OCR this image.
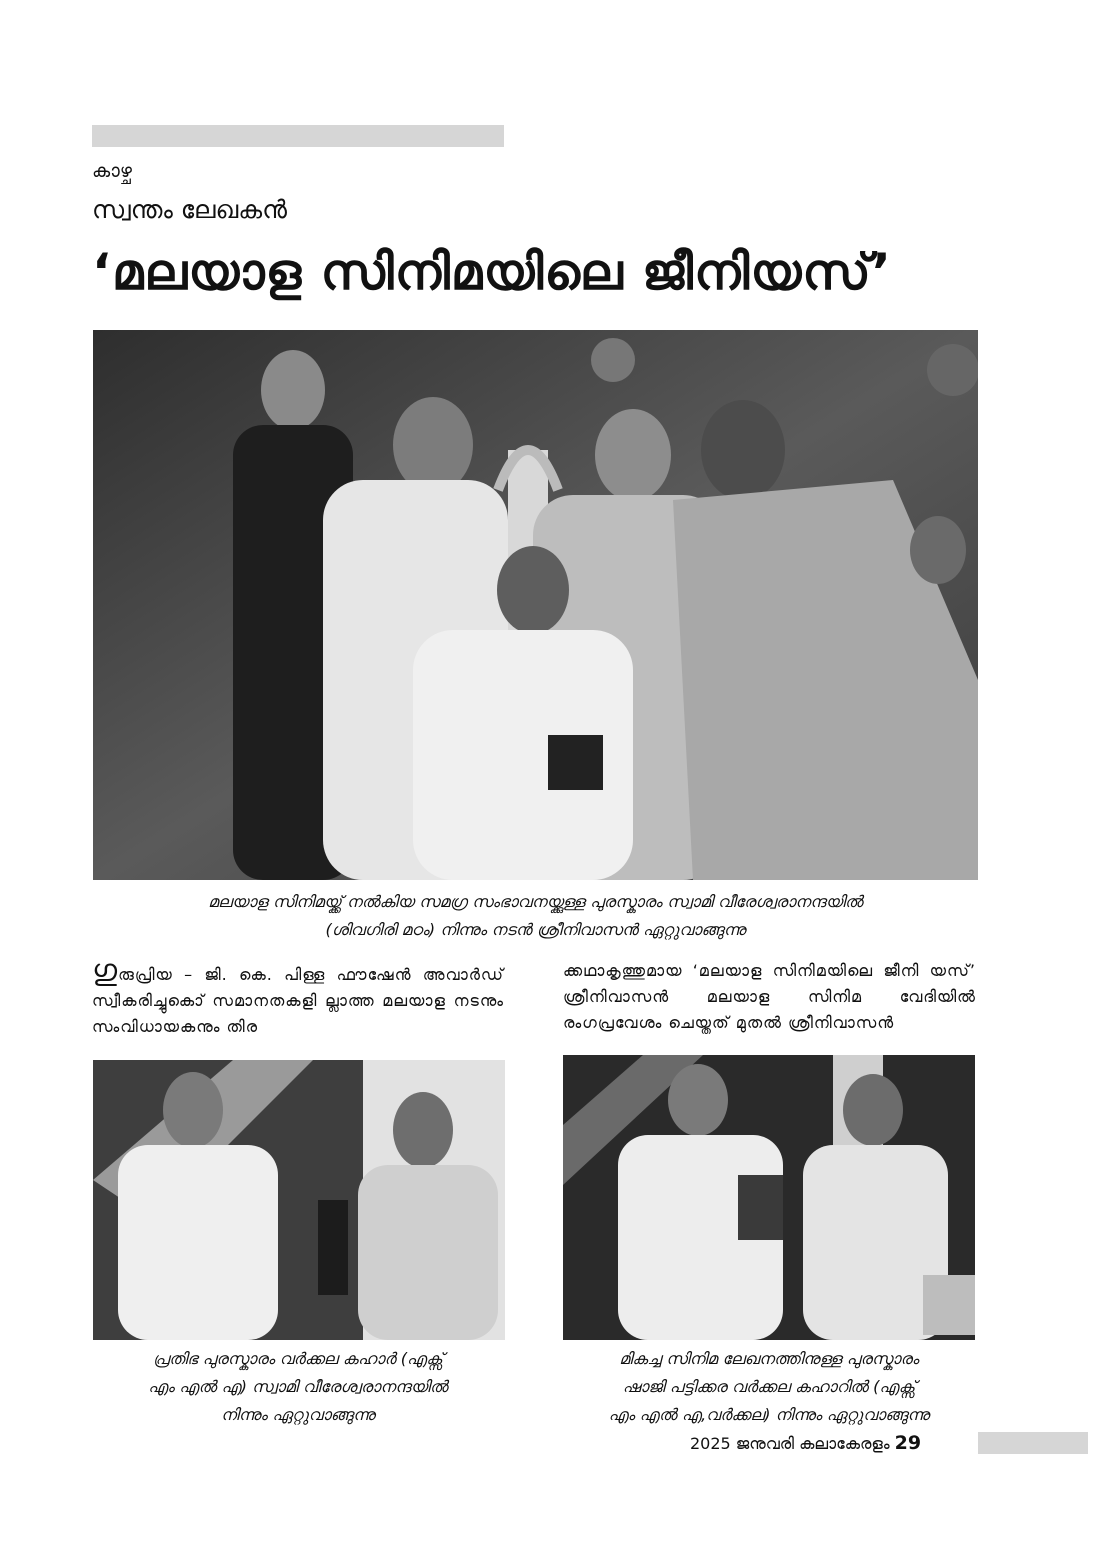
കാഴ്ച
സ്വന്തം ലേഖകൻ
‘മലയാള സിനിമയിലെ ജീനിയസ്’
മലയാള സിനിമയ്ക്ക് നൽകിയ സമഗ്ര സംഭാവനയ്ക്കുള്ള പുരസ്കാരം സ്വാമി വീരേശ്വരാനന്ദയിൽ
(ശിവഗിരി മഠം) നിന്നും നടൻ ശ്രീനിവാസൻ ഏറ്റുവാങ്ങുന്നു
ഗുരുപ്രിയ – ജി. കെ. പിള്ള ഫൗഷേൻ അവാർഡ് സ്വീകരിച്ചുകൊ് സമാനതകളി ല്ലാത്ത മലയാള നടനും സംവിധായകനും തിര
ക്കഥാകൃത്തുമായ ‘മലയാള സിനിമയിലെ ജീനി യസ്’ ശ്രീനിവാസൻ മലയാള സിനിമ വേദിയിൽ രംഗപ്രവേശം ചെയ്തത് മുതൽ ശ്രീനിവാസൻ
പ്രതിഭ പുരസ്കാരം വർക്കല കഹാർ (എക്സ്
എം എൽ എ) സ്വാമി വീരേശ്വരാനന്ദയിൽ
നിന്നും ഏറ്റുവാങ്ങുന്നു
മികച്ച സിനിമ ലേഖനത്തിനുള്ള പുരസ്കാരം
ഷാജി പട്ടിക്കര വർക്കല കഹാറിൽ (എക്സ്
എം എൽ എ,വർക്കല) നിന്നും ഏറ്റുവാങ്ങുന്നു
2025 ജനുവരി കലാകേരളം 29
